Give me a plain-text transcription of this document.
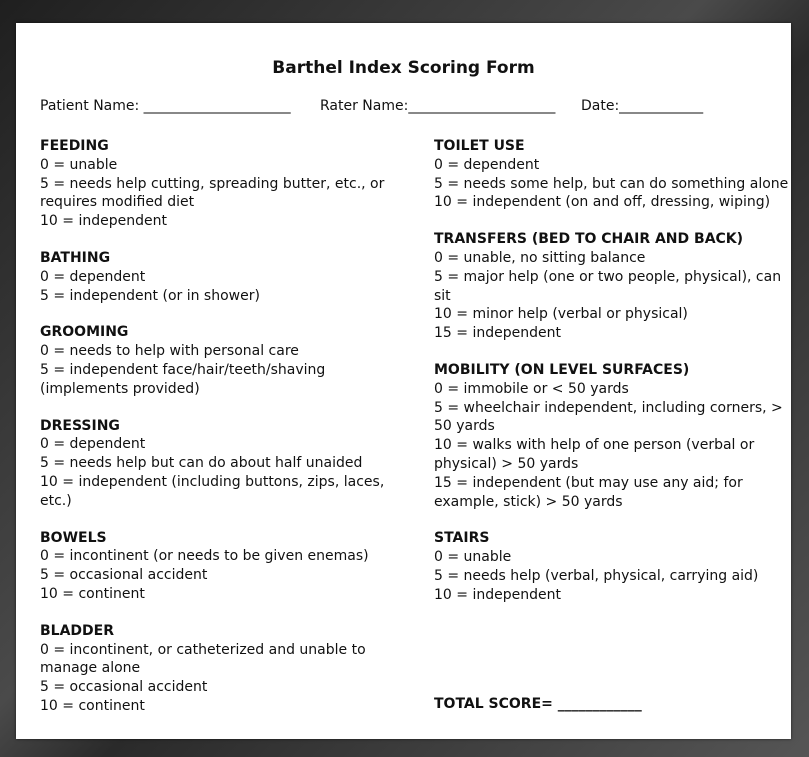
Barthel Index Scoring Form

Patient Name: _____________________

Rater Name:_____________________

Date:____________

FEEDING
0 = unable
5 = needs help cutting, spreading butter, etc., or
requires modified diet
10 = independent
BATHING
0 = dependent
5 = independent (or in shower)
GROOMING
0 = needs to help with personal care
5 = independent face/hair/teeth/shaving
(implements provided)
DRESSING
0 = dependent
5 = needs help but can do about half unaided
10 = independent (including buttons, zips, laces,
etc.)
BOWELS
0 = incontinent (or needs to be given enemas)
5 = occasional accident
10 = continent
BLADDER
0 = incontinent, or catheterized and unable to
manage alone
5 = occasional accident
10 = continent
TOILET USE
0 = dependent
5 = needs some help, but can do something alone
10 = independent (on and off, dressing, wiping)
TRANSFERS (BED TO CHAIR AND BACK)
0 = unable, no sitting balance
5 = major help (one or two people, physical), can
sit
10 = minor help (verbal or physical)
15 = independent
MOBILITY (ON LEVEL SURFACES)
0 = immobile or < 50 yards
5 = wheelchair independent, including corners, >
50 yards
10 = walks with help of one person (verbal or
physical) > 50 yards
15 = independent (but may use any aid; for
example, stick) > 50 yards
STAIRS
0 = unable
5 = needs help (verbal, physical, carrying aid)
10 = independent
TOTAL SCORE= ____________
